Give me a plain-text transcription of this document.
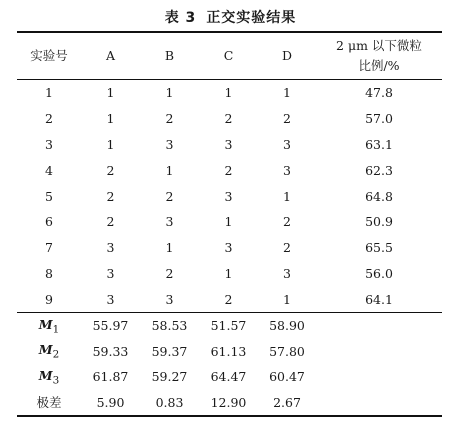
表 3 正交实验结果
实验号	A	B	C	D	
2 μm 以下微粒
比例/%
1	1	1	1	1	47.8
2	1	2	2	2	57.0
3	1	3	3	3	63.1
4	2	1	2	3	62.3
5	2	2	3	1	64.8
6	2	3	1	2	50.9
7	3	1	3	2	65.5
8	3	2	1	3	56.0
9	3	3	2	1	64.1
$M_1$	55.97	58.53	51.57	58.90	
$M_2$	59.33	59.37	61.13	57.80	
$M_3$	61.87	59.27	64.47	60.47	
极差	5.90	0.83	12.90	2.67	
